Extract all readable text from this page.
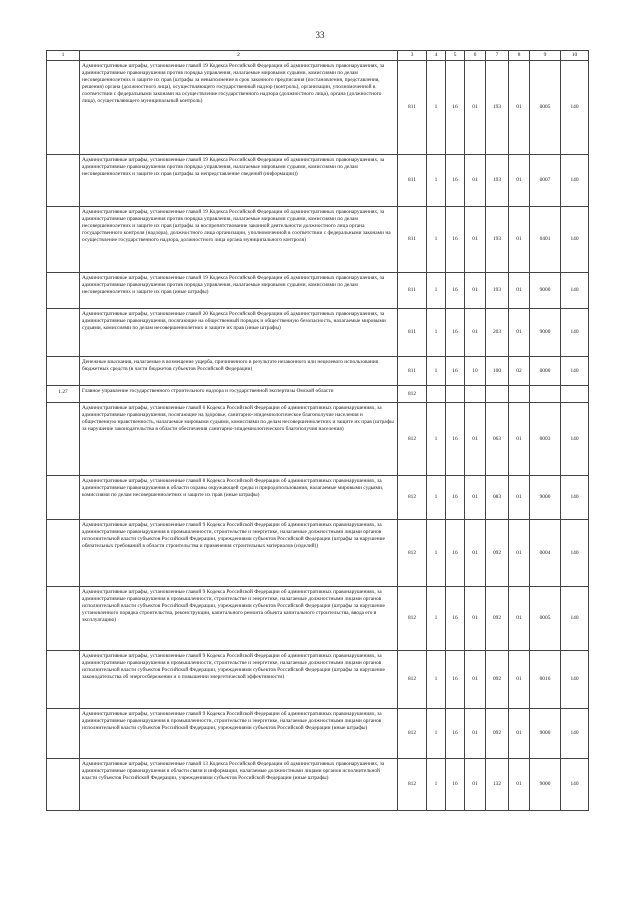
33
1	2	3	4	5	6	7	8	9	10
	Административные штрафы, установленные главой 19 Кодекса Российской Федерации об административных правонарушениях, за административные правонарушения против порядка управления, налагаемые мировыми судьями, комиссиями по делам несовершеннолетних и защите их прав (штрафы за невыполнение в срок законного предписания (постановления, представления, решения) органа (должностного лица), осуществляющего государственный надзор (контроль), организации, уполномоченной в соответствии с федеральными законами на осуществление государственного надзора (должностного лица), органа (должностного лица), осуществляющего муниципальный контроль)	811	1	16	01	193	01	0005	140
	Административные штрафы, установленные главой 19 Кодекса Российской Федерации об административных правонарушениях, за административные правонарушения против порядка управления, налагаемые мировыми судьями, комиссиями по делам несовершеннолетних и защите их прав (штрафы за непредставление сведений (информации))	811	1	16	01	193	01	0007	140
	Административные штрафы, установленные главой 19 Кодекса Российской Федерации об административных правонарушениях, за административные правонарушения против порядка управления, налагаемые мировыми судьями, комиссиями по делам несовершеннолетних и защите их прав (штрафы за воспрепятствование законной деятельности должностного лица органа государственного контроля (надзора), должностного лица организации, уполномоченной в соответствии с федеральными законами на осуществление государственного надзора, должностного лица органа муниципального контроля)	811	1	16	01	193	01	0401	140
	Административные штрафы, установленные главой 19 Кодекса Российской Федерации об административных правонарушениях, за административные правонарушения против порядка управления, налагаемые мировыми судьями, комиссиями по делам несовершеннолетних и защите их прав (иные штрафы)	811	1	16	01	193	01	9000	140
	Административные штрафы, установленные главой 20 Кодекса Российской Федерации об административных правонарушениях, за административные правонарушения, посягающие на общественный порядок и общественную безопасность, налагаемые мировыми судьями, комиссиями по делам несовершеннолетних и защите их прав (иные штрафы)	811	1	16	01	203	01	9000	140
	Денежные взыскания, налагаемые в возмещение ущерба, причиненного в результате незаконного или нецелевого использования бюджетных средств (в части бюджетов субъектов Российской Федерации)	811	1	16	10	100	02	0000	140
1.27	Главное управление государственного строительного надзора и государственной экспертизы Омской области	812							
	Административные штрафы, установленные главой 6 Кодекса Российской Федерации об административных правонарушениях, за административные правонарушения, посягающие на здоровье, санитарно-эпидемиологическое благополучие населения и общественную нравственность, налагаемые мировыми судьями, комиссиями по делам несовершеннолетних и защите их прав (штрафы за нарушение законодательства в области обеспечения санитарно-эпидемиологического благополучия населения)	812	1	16	01	063	01	0003	140
	Административные штрафы, установленные главой 8 Кодекса Российской Федерации об административных правонарушениях, за административные правонарушения в области охраны окружающей среды и природопользования, налагаемые мировыми судьями, комиссиями по делам несовершеннолетних и защите их прав (иные штрафы)	812	1	16	01	083	01	9000	140
	Административные штрафы, установленные главой 9 Кодекса Российской Федерации об административных правонарушениях, за административные правонарушения в промышленности, строительстве и энергетике, налагаемые должностными лицами органов исполнительной власти субъектов Российской Федерации, учреждениями субъектов Российской Федерации (штрафы за нарушение обязательных требований в области строительства и применения строительных материалов (изделий))	812	1	16	01	092	01	0004	140
	Административные штрафы, установленные главой 9 Кодекса Российской Федерации об административных правонарушениях, за административные правонарушения в промышленности, строительстве и энергетике, налагаемые должностными лицами органов исполнительной власти субъектов Российской Федерации, учреждениями субъектов Российской Федерации (штрафы за нарушение установленного порядка строительства, реконструкции, капитального ремонта объекта капитального строительства, ввода его в эксплуатацию)	812	1	16	01	092	01	0005	140
	Административные штрафы, установленные главой 9 Кодекса Российской Федерации об административных правонарушениях, за административные правонарушения в промышленности, строительстве и энергетике, налагаемые должностными лицами органов исполнительной власти субъектов Российской Федерации, учреждениями субъектов Российской Федерации (штрафы за нарушение законодательства об энергосбережении и о повышении энергетической эффективности)	812	1	16	01	092	01	0016	140
	Административные штрафы, установленные главой 9 Кодекса Российской Федерации об административных правонарушениях, за административные правонарушения в промышленности, строительстве и энергетике, налагаемые должностными лицами органов исполнительной власти субъектов Российской Федерации, учреждениями субъектов Российской Федерации (иные штрафы)	812	1	16	01	092	01	9000	140
	Административные штрафы, установленные главой 13 Кодекса Российской Федерации об административных правонарушениях, за административные правонарушения в области связи и информации, налагаемые должностными лицами органов исполнительной власти субъектов Российской Федерации, учреждениями субъектов Российской Федерации (иные штрафы)	812	1	16	01	132	01	9000	140
